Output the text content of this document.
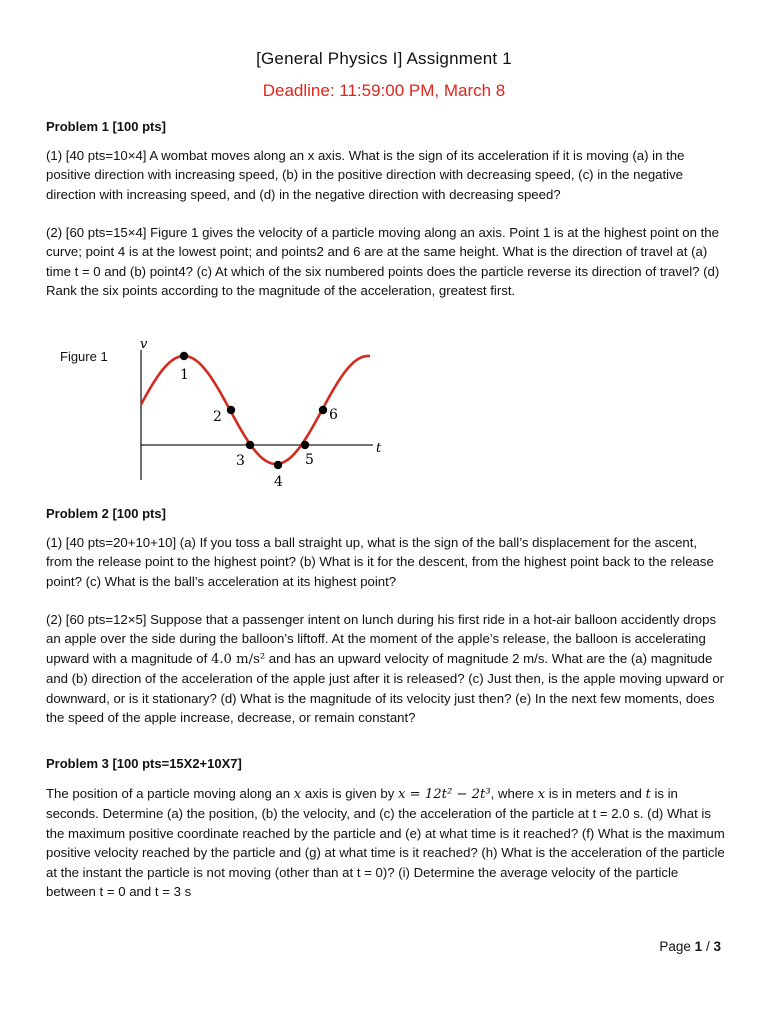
[General Physics I] Assignment 1
Deadline: 11:59:00 PM, March 8
Problem 1 [100 pts]

(1) [40 pts=10×4] A wombat moves along an x axis. What is the sign of its acceleration if it is moving (a) in the positive direction with increasing speed, (b) in the positive direction with decreasing speed, (c) in the negative direction with increasing speed, and (d) in the negative direction with decreasing speed?

(2) [60 pts=15×4] Figure 1 gives the velocity of a particle moving along an axis. Point 1 is at the highest point on the curve; point 4 is at the lowest point; and points2 and 6 are at the same height. What is the direction of travel at (a) time t = 0 and (b) point4? (c) At which of the six numbered points does the particle reverse its direction of travel? (d) Rank the six points according to the magnitude of the acceleration, greatest first.

Figure 1
v
t
1
2
3
4
5
6
Problem 2 [100 pts]

(1) [40 pts=20+10+10] (a) If you toss a ball straight up, what is the sign of the ball’s displacement for the ascent, from the release point to the highest point? (b) What is it for the descent, from the highest point back to the release point? (c) What is the ball’s acceleration at its highest point?

(2) [60 pts=12×5] Suppose that a passenger intent on lunch during his first ride in a hot-air balloon accidently drops an apple over the side during the balloon’s liftoff. At the moment of the apple’s release, the balloon is accelerating upward with a magnitude of 4.0 m/s² and has an upward velocity of magnitude 2 m/s. What are the (a) magnitude and (b) direction of the acceleration of the apple just after it is released? (c) Just then, is the apple moving upward or downward, or is it stationary? (d) What is the magnitude of its velocity just then? (e) In the next few moments, does the speed of the apple increase, decrease, or remain constant?

Problem 3 [100 pts=15X2+10X7]

The position of a particle moving along an x axis is given by x = 12t² − 2t³, where x is in meters and t is in seconds. Determine (a) the position, (b) the velocity, and (c) the acceleration of the particle at t = 2.0 s. (d) What is the maximum positive coordinate reached by the particle and (e) at what time is it reached? (f) What is the maximum positive velocity reached by the particle and (g) at what time is it reached? (h) What is the acceleration of the particle at the instant the particle is not moving (other than at t = 0)? (i) Determine the average velocity of the particle between t = 0 and t = 3 s

Page 1 / 3
